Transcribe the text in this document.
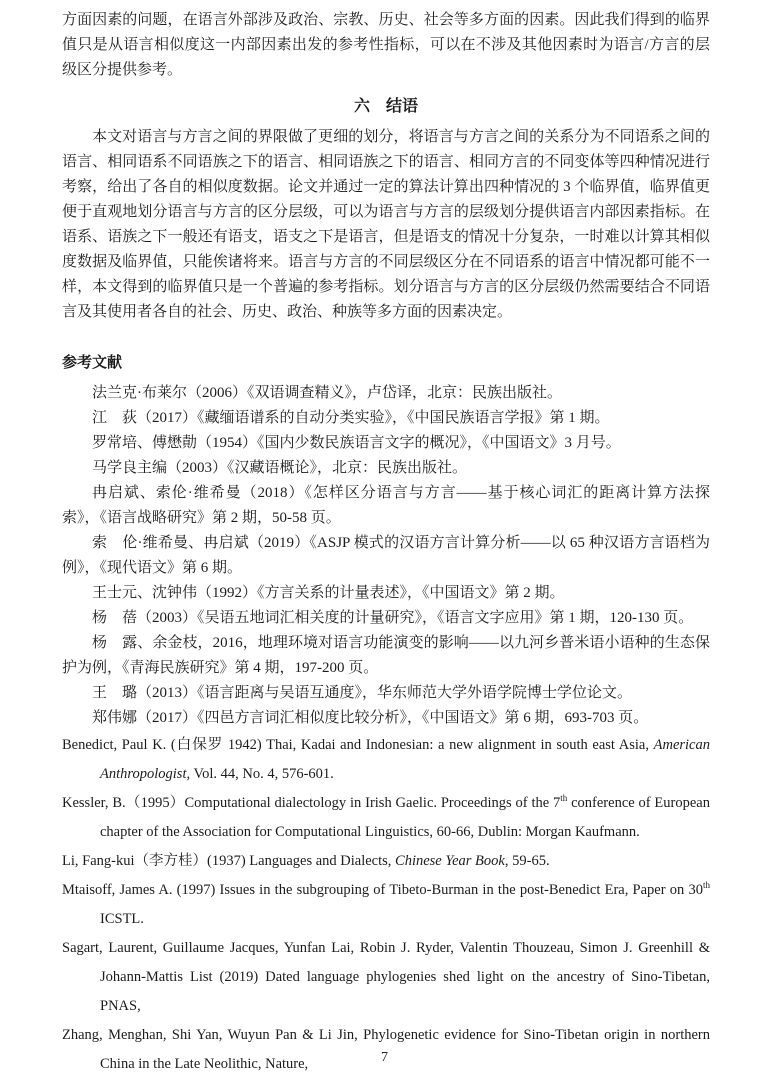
方面因素的问题，在语言外部涉及政治、宗教、历史、社会等多方面的因素。因此我们得到的临界值只是从语言相似度这一内部因素出发的参考性指标，可以在不涉及其他因素时为语言/方言的层级区分提供参考。

六　结语

本文对语言与方言之间的界限做了更细的划分，将语言与方言之间的关系分为不同语系之间的语言、相同语系不同语族之下的语言、相同语族之下的语言、相同方言的不同变体等四种情况进行考察，给出了各自的相似度数据。论文并通过一定的算法计算出四种情况的 3 个临界值，临界值更便于直观地划分语言与方言的区分层级，可以为语言与方言的层级划分提供语言内部因素指标。在语系、语族之下一般还有语支，语支之下是语言，但是语支的情况十分复杂，一时难以计算其相似度数据及临界值，只能俟诸将来。语言与方言的不同层级区分在不同语系的语言中情况都可能不一样，本文得到的临界值只是一个普遍的参考指标。划分语言与方言的区分层级仍然需要结合不同语言及其使用者各自的社会、历史、政治、种族等多方面的因素决定。

参考文献

法兰克·布莱尔（2006）《双语调查精义》，卢岱译，北京：民族出版社。

江　荻（2017）《藏缅语谱系的自动分类实验》，《中国民族语言学报》第 1 期。

罗常培、傅懋勣（1954）《国内少数民族语言文字的概况》，《中国语文》3 月号。

马学良主编（2003）《汉藏语概论》，北京：民族出版社。

冉启斌、索伦·维希曼（2018）《怎样区分语言与方言——基于核心词汇的距离计算方法探索》，《语言战略研究》第 2 期，50-58 页。

索　伦·维希曼、冉启斌（2019）《ASJP 模式的汉语方言计算分析——以 65 种汉语方言语档为例》，《现代语文》第 6 期。

王士元、沈钟伟（1992）《方言关系的计量表述》，《中国语文》第 2 期。

杨　蓓（2003）《吴语五地词汇相关度的计量研究》，《语言文字应用》第 1 期，120-130 页。

杨　露、余金枝，2016，地理环境对语言功能演变的影响——以九河乡普米语小语种的生态保护为例，《青海民族研究》第 4 期，197-200 页。

王　璐（2013）《语言距离与吴语互通度》，华东师范大学外语学院博士学位论文。

郑伟娜（2017）《四邑方言词汇相似度比较分析》，《中国语文》第 6 期，693-703 页。

Benedict, Paul K. (白保罗 1942) Thai, Kadai and Indonesian: a new alignment in south east Asia, American Anthropologist, Vol. 44, No. 4, 576-601.

Kessler, B.（1995）Computational dialectology in Irish Gaelic. Proceedings of the 7th conference of European chapter of the Association for Computational Linguistics, 60-66, Dublin: Morgan Kaufmann.

Li, Fang-kui（李方桂）(1937) Languages and Dialects, Chinese Year Book, 59-65.

Mtaisoff, James A. (1997) Issues in the subgrouping of Tibeto-Burman in the post-Benedict Era, Paper on 30th ICSTL.

Sagart, Laurent, Guillaume Jacques, Yunfan Lai, Robin J. Ryder, Valentin Thouzeau, Simon J. Greenhill & Johann-Mattis List (2019) Dated language phylogenies shed light on the ancestry of Sino-Tibetan, PNAS,

Zhang, Menghan, Shi Yan, Wuyun Pan & Li Jin, Phylogenetic evidence for Sino-Tibetan origin in northern China in the Late Neolithic, Nature,	7
